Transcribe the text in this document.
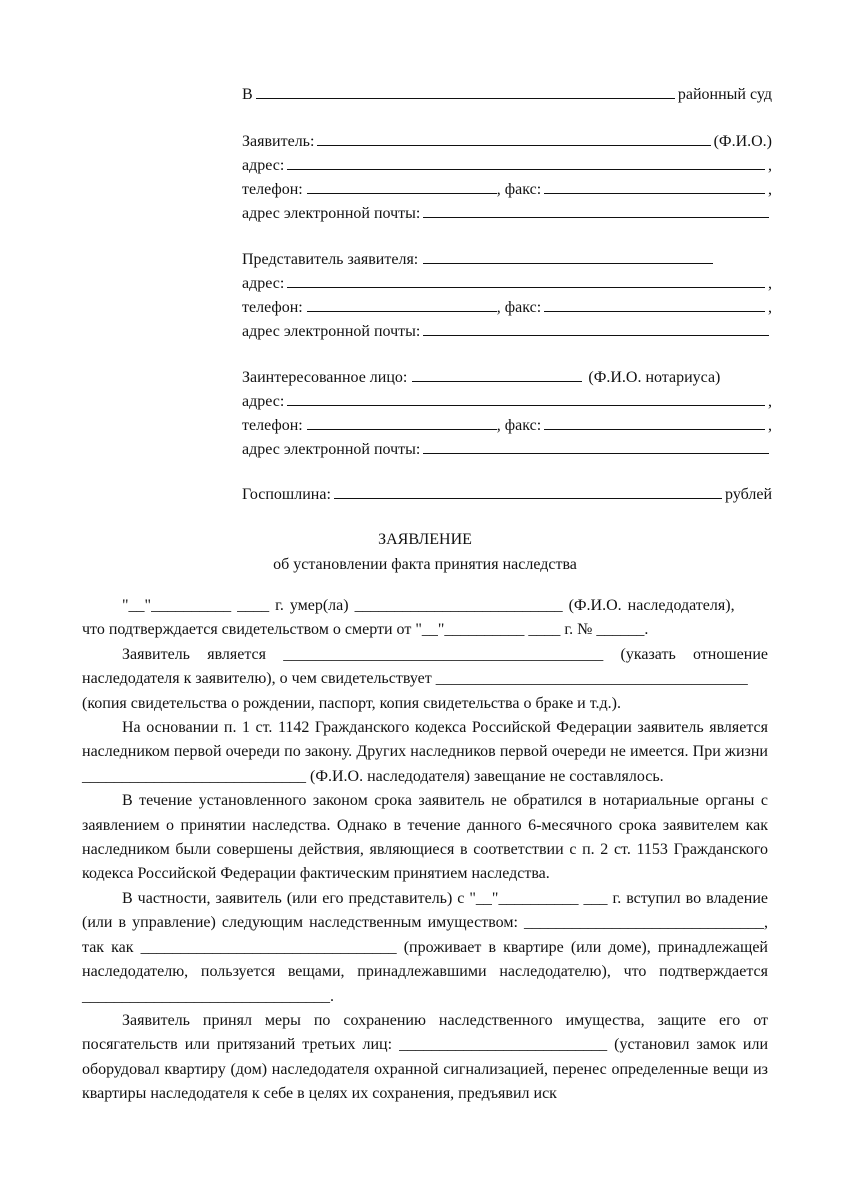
В	районный суд
Заявитель:	(Ф.И.О.)
адрес:	,
телефон:	, факс:	,
адрес электронной почты:
Представитель заявителя:
адрес:	,
телефон:	, факс:	,
адрес электронной почты:
Заинтересованное лицо:	(Ф.И.О. нотариуса)
адрес:	,
телефон:	, факс:	,
адрес электронной почты:
Госпошлина:	рублей
ЗАЯВЛЕНИЕ
об установлении факта принятия наследства
"__"__________ ____ г. умер(ла) __________________________ (Ф.И.О. наследодателя),
что подтверждается свидетельством о смерти от "__"__________ ____ г. № ______.
Заявитель является ________________________________________ (указать отношение
наследодателя к заявителю), о чем свидетельствует _______________________________________
(копия свидетельства о рождении, паспорт, копия свидетельства о браке и т.д.).
На основании п. 1 ст. 1142 Гражданского кодекса Российской Федерации заявитель является наследником первой очереди по закону. Других наследников первой очереди не имеется. При жизни ____________________________ (Ф.И.О. наследодателя) завещание не составлялось.
В течение установленного законом срока заявитель не обратился в нотариальные органы с заявлением о принятии наследства. Однако в течение данного 6-месячного срока заявителем как наследником были совершены действия, являющиеся в соответствии с п. 2 ст. 1153 Гражданского кодекса Российской Федерации фактическим принятием наследства.
В частности, заявитель (или его представитель) с "__"__________ ___ г. вступил во владение (или в управление) следующим наследственным имуществом: ______________________________, так как ________________________________ (проживает в квартире (или доме), принадлежащей наследодателю, пользуется вещами, принадлежавшими наследодателю), что подтверждается _______________________________.
Заявитель принял меры по сохранению наследственного имущества, защите его от посягательств или притязаний третьих лиц: __________________________ (установил замок или оборудовал квартиру (дом) наследодателя охранной сигнализацией, перенес определенные вещи из квартиры наследодателя к себе в целях их сохранения, предъявил иск
